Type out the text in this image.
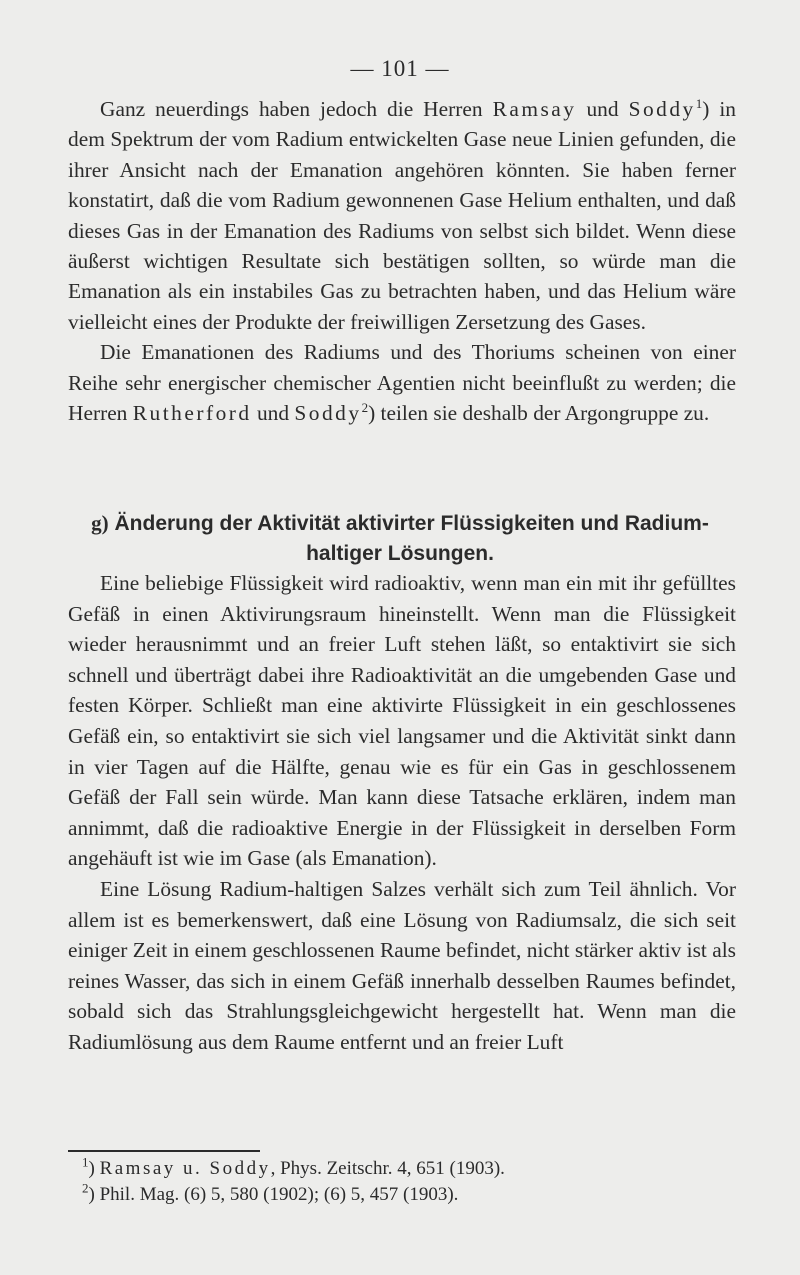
— 101 —

Ganz neuerdings haben jedoch die Herren Ramsay und Soddy$^1$) in dem Spektrum der vom Radium entwickelten Gase neue Linien gefunden, die ihrer Ansicht nach der Emanation angehören könnten. Sie haben ferner konstatirt, daß die vom Radium gewonnenen Gase Helium enthalten, und daß dieses Gas in der Emanation des Radiums von selbst sich bildet. Wenn diese äußerst wichtigen Resultate sich bestätigen sollten, so würde man die Emanation als ein instabiles Gas zu betrachten haben, und das Helium wäre vielleicht eines der Produkte der freiwilligen Zersetzung des Gases.

Die Emanationen des Radiums und des Thoriums scheinen von einer Reihe sehr energischer chemischer Agentien nicht beeinflußt zu werden; die Herren Rutherford und Soddy$^2$) teilen sie deshalb der Argongruppe zu.

g) Änderung der Aktivität aktivirter Flüssigkeiten und Radium-haltiger Lösungen.

Eine beliebige Flüssigkeit wird radioaktiv, wenn man ein mit ihr gefülltes Gefäß in einen Aktivirungsraum hineinstellt. Wenn man die Flüssigkeit wieder herausnimmt und an freier Luft stehen läßt, so entaktivirt sie sich schnell und überträgt dabei ihre Radioaktivität an die umgebenden Gase und festen Körper. Schließt man eine aktivirte Flüssigkeit in ein geschlossenes Gefäß ein, so entaktivirt sie sich viel langsamer und die Aktivität sinkt dann in vier Tagen auf die Hälfte, genau wie es für ein Gas in geschlossenem Gefäß der Fall sein würde. Man kann diese Tatsache erklären, indem man annimmt, daß die radioaktive Energie in der Flüssigkeit in derselben Form angehäuft ist wie im Gase (als Emanation).

Eine Lösung Radium-haltigen Salzes verhält sich zum Teil ähnlich. Vor allem ist es bemerkenswert, daß eine Lösung von Radiumsalz, die sich seit einiger Zeit in einem geschlossenen Raume befindet, nicht stärker aktiv ist als reines Wasser, das sich in einem Gefäß innerhalb desselben Raumes befindet, sobald sich das Strahlungsgleichgewicht hergestellt hat. Wenn man die Radiumlösung aus dem Raume entfernt und an freier Luft

$^1$) Ramsay u. Soddy, Phys. Zeitschr. 4, 651 (1903).

$^2$) Phil. Mag. (6) 5, 580 (1902); (6) 5, 457 (1903).
